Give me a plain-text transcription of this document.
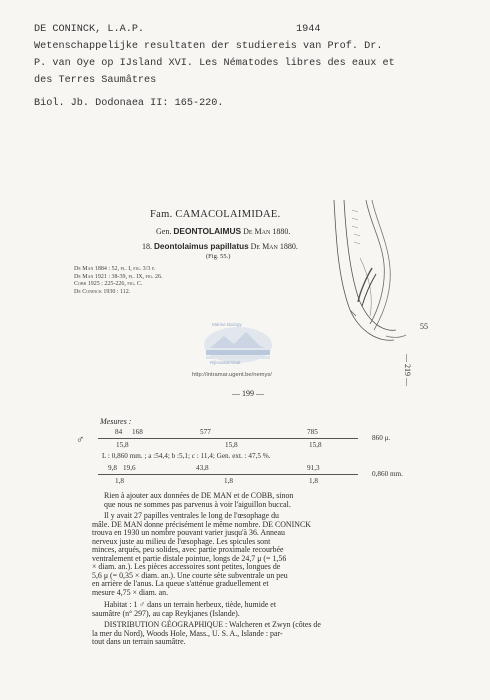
DE CONINCK, L.A.P.	1944
Wetenschappelijke resultaten der studiereis van Prof. Dr.
P. van Oye op IJsland XVI. Les Nématodes libres des eaux et
des Terres Saumâtres
Biol. Jb. Dodonaea II: 165-220.
Fam. CAMACOLAIMIDAE.
Gen. DEONTOLAIMUS De Man 1880.
18. Deontolaimus papillatus De Man 1880.
(Fig. 55.)
De Man 1884 : 52, pl. I, fig. 3/3 f.
De Man 1921 : 38-39, pl. IX, fig. 26.
Cobb 1925 : 225-226, fig. C.
De Coninck 1930 : 112.
55
Marine Biology
Rijkswaterstaat
http://intramar.ugent.be/nemys/	— 219 —
— 199 —
Mesures :
♂
84 168	577	785
15,8	15,8	15,8
860 μ.
L : 0,860 mm. ; a :54,4; b :5,1; c : 11,4; Gen. ext. : 47,5 %.
9,8 19,6	43,8	91,3
1,8	1,8	1,8
0,860 mm.
Rien à ajouter aux données de DE MAN et de COBB, sinon
que nous ne sommes pas parvenus à voir l'aiguillon buccal.
Il y avait 27 papilles ventrales le long de l'œsophage du
mâle. DE MAN donne précisément le même nombre. DE CONINCK
trouva en 1930 un nombre pouvant varier jusqu'à 36. Anneau
nerveux juste au milieu de l'œsophage. Les spicules sont
minces, arqués, peu solides, avec partie proximale recourbée
ventralement et partie distale pointue, longs de 24,7 μ (= 1,56
× diam. an.). Les pièces accessoires sont petites, longues de
5,6 μ (= 0,35 × diam. an.). Une courte sète subventrale un peu
en arrière de l'anus. La queue s'atténue graduellement et
mesure 4,75 × diam. an.
Habitat : 1 ♂ dans un terrain herbeux, tiède, humide et
saumâtre (n° 297), au cap Reykjanes (Islande).
DISTRIBUTION GÉOGRAPHIQUE : Walcheren et Zwyn (côtes de
la mer du Nord), Woods Hole, Mass., U. S. A., Islande : par-
tout dans un terrain saumâtre.
